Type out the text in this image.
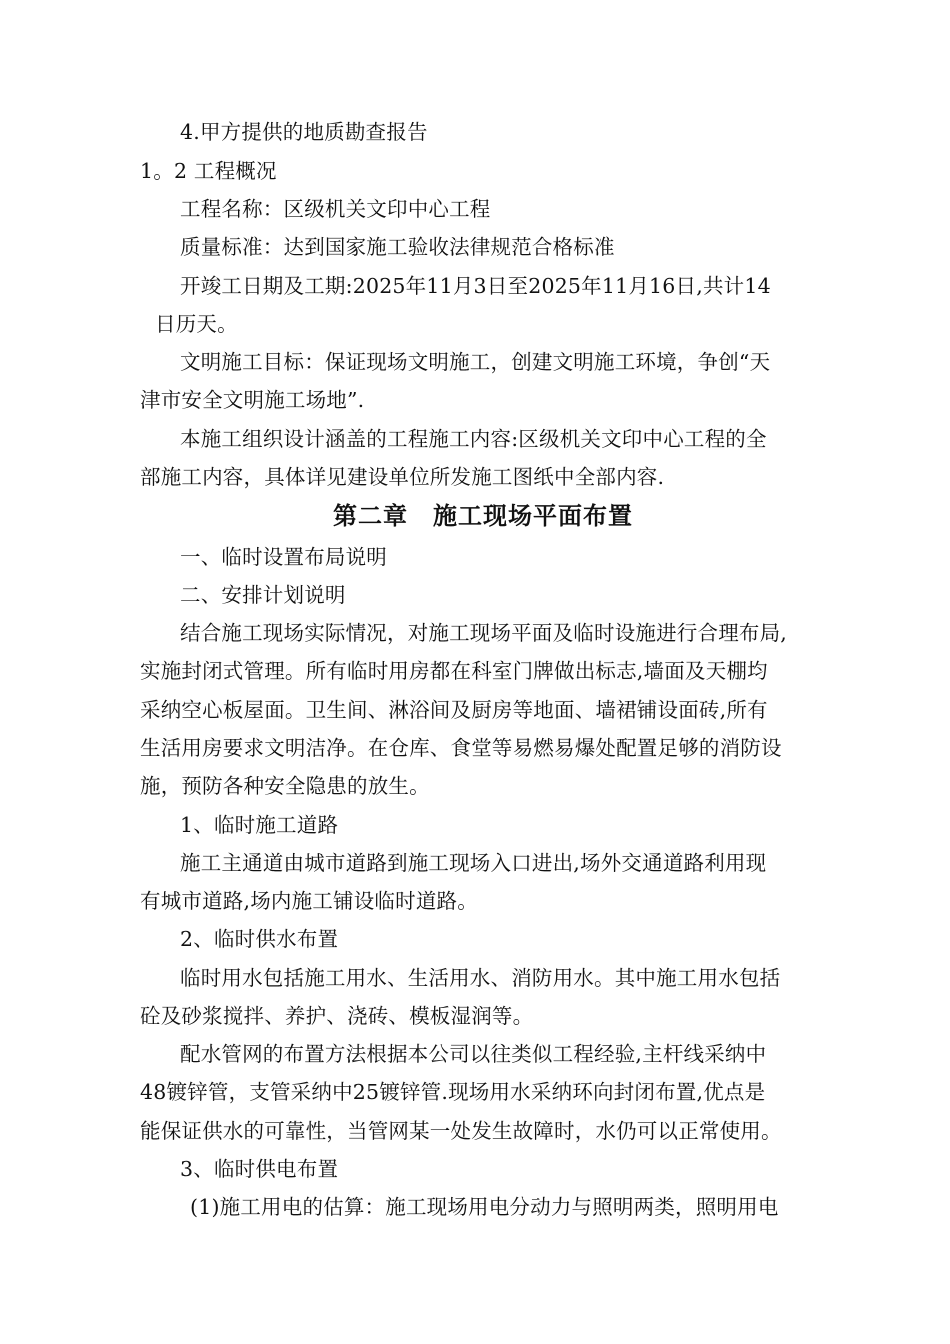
4.甲方提供的地质勘查报告
1。2 工程概况
工程名称：区级机关文印中心工程
质量标准：达到国家施工验收法律规范合格标准
开竣工日期及工期:2025年11月3日至2025年11月16日,共计14
日历天。
文明施工目标：保证现场文明施工，创建文明施工环境，争创“天
津市安全文明施工场地”.
本施工组织设计涵盖的工程施工内容:区级机关文印中心工程的全
部施工内容，具体详见建设单位所发施工图纸中全部内容.
第二章　施工现场平面布置
一、临时设置布局说明
二、安排计划说明
结合施工现场实际情况，对施工现场平面及临时设施进行合理布局,
实施封闭式管理。所有临时用房都在科室门牌做出标志,墙面及天棚均
采纳空心板屋面。卫生间、淋浴间及厨房等地面、墙裙铺设面砖,所有
生活用房要求文明洁净。在仓库、食堂等易燃易爆处配置足够的消防设
施，预防各种安全隐患的放生。
1、临时施工道路
施工主通道由城市道路到施工现场入口进出,场外交通道路利用现
有城市道路,场内施工铺设临时道路。
2、临时供水布置
临时用水包括施工用水、生活用水、消防用水。其中施工用水包括
砼及砂浆搅拌、养护、浇砖、模板湿润等。
配水管网的布置方法根据本公司以往类似工程经验,主杆线采纳中
48镀锌管，支管采纳中25镀锌管.现场用水采纳环向封闭布置,优点是
能保证供水的可靠性，当管网某一处发生故障时，水仍可以正常使用。
3、临时供电布置
(1)施工用电的估算：施工现场用电分动力与照明两类，照明用电
